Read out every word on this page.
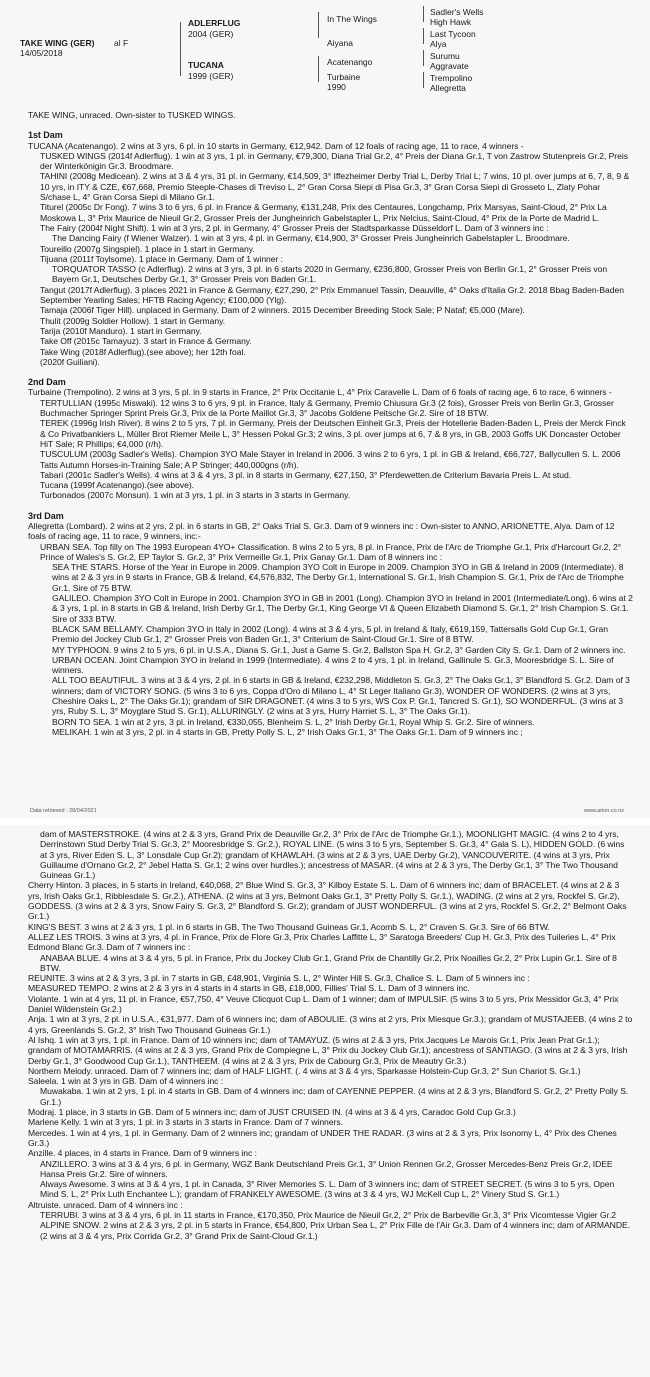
TAKE WING (GER) al F
14/05/2018
ADLERFLUG
2004 (GER)
TUCANA
1999 (GER)
In The Wings
Aiyana
Acatenango
Turbaine
1990
Sadler's Wells
High Hawk
Last Tycoon
Alya
Surumu
Aggravate
Trempolino
Allegretta

TAKE WING, unraced. Own-sister to TUSKED WINGS.

1st Dam

TUCANA (Acatenango). 2 wins at 3 yrs, 6 pl. in 10 starts in Germany, €12,942. Dam of 12 foals of racing age, 11 to race, 4 winners -

TUSKED WINGS (2014f Adlerflug). 1 win at 3 yrs, 1 pl. in Germany, €79,300, Diana Trial Gr.2, 4° Preis der Diana Gr.1, T von Zastrow Stutenpreis Gr.2, Preis der Winterkönigin Gr.3. Broodmare.

TAHINI (2008g Medicean). 2 wins at 3 & 4 yrs, 31 pl. in Germany, €14,509, 3° Iffezheimer Derby Trial L, Derby Trial L; 7 wins, 10 pl. over jumps at 6, 7, 8, 9 & 10 yrs, in ITY & CZE, €67,668, Premio Steeple-Chases di Treviso L, 2° Gran Corsa Siepi di Pisa Gr.3, 3° Gran Corsa Siepi di Grosseto L, Zlaty Pohar S/chase L, 4° Gran Corsa Siepi di Milano Gr.1.

Titurel (2005c Dr Fong). 7 wins 3 to 6 yrs, 6 pl. in France & Germany, €131,248, Prix des Centaures, Longchamp, Prix Marsyas, Saint-Cloud, 2° Prix La Moskowa L, 3° Prix Maurice de Nieuil Gr.2, Grosser Preis der Jungheinrich Gabelstapler L, Prix Nelcius, Saint-Cloud, 4° Prix de la Porte de Madrid L.

The Fairy (2004f Night Shift). 1 win at 3 yrs, 2 pl. in Germany, 4° Grosser Preis der Stadtsparkasse Düsseldorf L. Dam of 3 winners inc :

The Dancing Fairy (f Wiener Walzer). 1 win at 3 yrs, 4 pl. in Germany, €14,900, 3° Grosser Preis Jungheinrich Gabelstapler L. Broodmare.

Toureillo (2007g Singspiel). 1 place in 1 start in Germany.

Tijuana (2011f Toylsome). 1 place in Germany. Dam of 1 winner :

TORQUATOR TASSO (c Adlerflug). 2 wins at 3 yrs, 3 pl. in 6 starts 2020 in Germany, €236,800, Grosser Preis von Berlin Gr.1, 2° Grosser Preis von Bayern Gr.1, Deutsches Derby Gr.1, 3° Grosser Preis von Baden Gr.1.

Tangut (2017f Adlerflug). 3 places 2021 in France & Germany, €27,290, 2° Prix Emmanuel Tassin, Deauville, 4° Oaks d'Italia Gr.2. 2018 Bbag Baden-Baden September Yearling Sales; HFTB Racing Agency; €100,000 (Ylg).

Tamaja (2006f Tiger Hill). unplaced in Germany. Dam of 2 winners. 2015 December Breeding Stock Sale; P Nataf; €5,000 (Mare).

Thulit (2009g Soldier Hollow). 1 start in Germany.

Tarija (2010f Manduro). 1 start in Germany.

Take Off (2015c Tamayuz). 3 start in France & Germany.

Take Wing (2018f Adlerflug).(see above); her 12th foal.

(2020f Guiliani).

2nd Dam

Turbaine (Trempolino). 2 wins at 3 yrs, 5 pl. in 9 starts in France, 2° Prix Occitanie L, 4° Prix Caravelle L. Dam of 6 foals of racing age, 6 to race, 6 winners -

TERTULLIAN (1995c Miswaki). 12 wins 3 to 6 yrs, 9 pl. in France, Italy & Germany, Premio Chiusura Gr.3 (2 fois), Grosser Preis von Berlin Gr.3, Grosser Buchmacher Springer Sprint Preis Gr.3, Prix de la Porte Maillot Gr.3, 3° Jacobs Goldene Peitsche Gr.2. Sire of 18 BTW.

TEREK (1996g Irish River). 8 wins 2 to 5 yrs, 7 pl. in Germany, Preis der Deutschen Einheit Gr.3, Preis der Hotellerie Baden-Baden L, Preis der Merck Finck & Co Privatbankiers L, Müller Brot Riemer Meile L, 3° Hessen Pokal Gr.3; 2 wins, 3 pl. over jumps at 6, 7 & 8 yrs, in GB, 2003 Goffs UK Doncaster October HiT Sale; R Phillips; €4,000 (r/h).

TUSCULUM (2003g Sadler's Wells). Champion 3YO Male Stayer in Ireland in 2006. 3 wins 2 to 6 yrs, 1 pl. in GB & Ireland, €66,727, Ballycullen S. L. 2006 Tatts Autumn Horses-in-Training Sale; A P Stringer; 440,000gns (r/h).

Tabari (2001c Sadler's Wells). 4 wins at 3 & 4 yrs, 3 pl. in 8 starts in Germany, €27,150, 3° Pferdewetten.de Criterium Bavaria Preis L. At stud.

Tucana (1999f Acatenango).(see above).

Turbonados (2007c Monsun). 1 win at 3 yrs, 1 pl. in 3 starts in 3 starts in Germany.

3rd Dam

Allegretta (Lombard). 2 wins at 2 yrs, 2 pl. in 6 starts in GB, 2° Oaks Trial S. Gr.3. Dam of 9 winners inc : Own-sister to ANNO, ARIONETTE, Alya. Dam of 12 foals of racing age, 11 to race, 9 winners, inc:-

URBAN SEA. Top filly on The 1993 European 4YO+ Classification. 8 wins 2 to 5 yrs, 8 pl. in France, Prix de l'Arc de Triomphe Gr.1, Prix d'Harcourt Gr.2, 2° Prince of Wales's S. Gr.2, EP Taylor S. Gr.2, 3° Prix Vermeille Gr.1, Prix Ganay Gr.1. Dam of 8 winners inc :

SEA THE STARS. Horse of the Year in Europe in 2009. Champion 3YO Colt in Europe in 2009. Champion 3YO in GB & Ireland in 2009 (Intermediate). 8 wins at 2 & 3 yrs in 9 starts in France, GB & Ireland, €4,576,832, The Derby Gr.1, International S. Gr.1, Irish Champion S. Gr.1, Prix de l'Arc de Triomphe Gr.1. Sire of 75 BTW.

GALILEO. Champion 3YO Colt in Europe in 2001. Champion 3YO in GB in 2001 (Long). Champion 3YO in Ireland in 2001 (Intermediate/Long). 6 wins at 2 & 3 yrs, 1 pl. in 8 starts in GB & Ireland, Irish Derby Gr.1, The Derby Gr.1, King George VI & Queen Elizabeth Diamond S. Gr.1, 2° Irish Champion S. Gr.1. Sire of 333 BTW.

BLACK SAM BELLAMY. Champion 3YO in Italy in 2002 (Long). 4 wins at 3 & 4 yrs, 5 pl. in Ireland & Italy, €619,159, Tattersalls Gold Cup Gr.1, Gran Premio del Jockey Club Gr.1, 2° Grosser Preis von Baden Gr.1, 3° Criterium de Saint-Cloud Gr.1. Sire of 8 BTW.

MY TYPHOON. 9 wins 2 to 5 yrs, 6 pl. in U.S.A., Diana S. Gr.1, Just a Game S. Gr.2, Ballston Spa H. Gr.2, 3° Garden City S. Gr.1. Dam of 2 winners inc.

URBAN OCEAN. Joint Champion 3YO in Ireland in 1999 (Intermediate). 4 wins 2 to 4 yrs, 1 pl. in Ireland, Gallinule S. Gr.3, Mooresbridge S. L. Sire of winners.

ALL TOO BEAUTIFUL. 3 wins at 3 & 4 yrs, 2 pl. in 6 starts in GB & Ireland, €232,298, Middleton S. Gr.3, 2° The Oaks Gr.1, 3° Blandford S. Gr.2. Dam of 3 winners; dam of VICTORY SONG. (5 wins 3 to 6 yrs, Coppa d'Oro di Milano L, 4° St Leger Italiano Gr.3), WONDER OF WONDERS. (2 wins at 3 yrs, Cheshire Oaks L, 2° The Oaks Gr.1); grandam of SIR DRAGONET. (4 wins 3 to 5 yrs, WS Cox P. Gr.1, Tancred S. Gr.1), SO WONDERFUL. (3 wins at 3 yrs, Ruby S. L, 3° Moyglare Stud S. Gr.1), ALLURINGLY. (2 wins at 3 yrs, Hurry Harriet S. L, 3° The Oaks Gr.1).

BORN TO SEA. 1 win at 2 yrs, 3 pl. in Ireland, €330,055, Blenheim S. L, 2° Irish Derby Gr.1, Royal Whip S. Gr.2. Sire of winners.

MELIKAH. 1 win at 3 yrs, 2 pl. in 4 starts in GB, Pretty Polly S. L, 2° Irish Oaks Gr.1, 3° The Oaks Gr.1. Dam of 9 winners inc ;

Data retrieved : 28/04/2021	www.arion.co.nz

dam of MASTERSTROKE. (4 wins at 2 & 3 yrs, Grand Prix de Deauville Gr.2, 3° Prix de l'Arc de Triomphe Gr.1.), MOONLIGHT MAGIC. (4 wins 2 to 4 yrs, Derrinstown Stud Derby Trial S. Gr.3, 2° Mooresbridge S. Gr.2.), ROYAL LINE. (5 wins 3 to 5 yrs, September S. Gr.3, 4° Gala S. L), HIDDEN GOLD. (6 wins at 3 yrs, River Eden S. L, 3° Lonsdale Cup Gr.2); grandam of KHAWLAH. (3 wins at 2 & 3 yrs, UAE Derby Gr.2), VANCOUVERITE. (4 wins at 3 yrs, Prix Guillaume d'Ornano Gr.2, 2° Jebel Hatta S. Gr.1; 2 wins over hurdles.); ancestress of MASAR. (4 wins at 2 & 3 yrs, The Derby Gr.1, 3° The Two Thousand Guineas Gr.1.)

Cherry Hinton. 3 places, in 5 starts in Ireland, €40,068, 2° Blue Wind S. Gr.3, 3° Kilboy Estate S. L. Dam of 6 winners inc; dam of BRACELET. (4 wins at 2 & 3 yrs, Irish Oaks Gr.1, Ribblesdale S. Gr.2.), ATHENA. (2 wins at 3 yrs, Belmont Oaks Gr.1, 3° Pretty Polly S. Gr.1.), WADING. (2 wins at 2 yrs, Rockfel S. Gr.2), GODDESS. (3 wins at 2 & 3 yrs, Snow Fairy S. Gr.3, 2° Blandford S. Gr.2); grandam of JUST WONDERFUL. (3 wins at 2 yrs, Rockfel S. Gr.2, 2° Belmont Oaks Gr.1.)

KING'S BEST. 3 wins at 2 & 3 yrs, 1 pl. in 6 starts in GB, The Two Thousand Guineas Gr.1, Acomb S. L, 2° Craven S. Gr.3. Sire of 66 BTW.

ALLEZ LES TROIS. 3 wins at 3 yrs, 4 pl. in France, Prix de Flore Gr.3, Prix Charles Laffitte L, 3° Saratoga Breeders' Cup H. Gr.3, Prix des Tuileries L, 4° Prix Edmond Blanc Gr.3. Dam of 7 winners inc :

ANABAA BLUE. 4 wins at 3 & 4 yrs, 5 pl. in France, Prix du Jockey Club Gr.1, Grand Prix de Chantilly Gr.2, Prix Noailles Gr.2, 2° Prix Lupin Gr.1. Sire of 8 BTW.

REUNITE. 3 wins at 2 & 3 yrs, 3 pl. in 7 starts in GB, £48,901, Virginia S. L, 2° Winter Hill S. Gr.3, Chalice S. L. Dam of 5 winners inc :

MEASURED TEMPO. 2 wins at 2 & 3 yrs in 4 starts in 4 starts in GB, £18,000, Fillies' Trial S. L. Dam of 3 winners inc.

Violante. 1 win at 4 yrs, 11 pl. in France, €57,750, 4° Veuve Clicquot Cup L. Dam of 1 winner; dam of IMPULSIF. (5 wins 3 to 5 yrs, Prix Messidor Gr.3, 4° Prix Daniel Wildenstein Gr.2.)

Anja. 1 win at 3 yrs, 2 pl. in U.S.A., €31,977. Dam of 6 winners inc; dam of ABOULIE. (3 wins at 2 yrs, Prix Miesque Gr.3.); grandam of MUSTAJEEB. (4 wins 2 to 4 yrs, Greenlands S. Gr.2, 3° Irish Two Thousand Guineas Gr.1.)

Al Ishq. 1 win at 3 yrs, 1 pl. in France. Dam of 10 winners inc; dam of TAMAYUZ. (5 wins at 2 & 3 yrs, Prix Jacques Le Marois Gr.1, Prix Jean Prat Gr.1.); grandam of MOTAMARRIS. (4 wins at 2 & 3 yrs, Grand Prix de Compiegne L, 3° Prix du Jockey Club Gr.1); ancestress of SANTIAGO. (3 wins at 2 & 3 yrs, Irish Derby Gr.1, 3° Goodwood Cup Gr.1.), TANTHEEM. (4 wins at 2 & 3 yrs, Prix de Cabourg Gr.3, Prix de Meautry Gr.3.)

Northern Melody. unraced. Dam of 7 winners inc; dam of HALF LIGHT. (. 4 wins at 3 & 4 yrs, Sparkasse Holstein-Cup Gr.3, 2° Sun Chariot S. Gr.1.)

Saleela. 1 win at 3 yrs in GB. Dam of 4 winners inc :

Muwakaba. 1 win at 2 yrs, 1 pl. in 4 starts in GB. Dam of 4 winners inc; dam of CAYENNE PEPPER. (4 wins at 2 & 3 yrs, Blandford S. Gr.2, 2° Pretty Polly S. Gr.1.)

Modraj. 1 place, in 3 starts in GB. Dam of 5 winners inc; dam of JUST CRUISED IN. (4 wins at 3 & 4 yrs, Caradoc Gold Cup Gr.3.)

Marlene Kelly. 1 win at 3 yrs, 1 pl. in 3 starts in 3 starts in France. Dam of 7 winners.

Mercedes. 1 win at 4 yrs, 1 pl. in Germany. Dam of 2 winners inc; grandam of UNDER THE RADAR. (3 wins at 2 & 3 yrs, Prix Isonomy L, 4° Prix des Chenes Gr.3.)

Anzille. 4 places, in 4 starts in France. Dam of 9 winners inc :

ANZILLERO. 3 wins at 3 & 4 yrs, 6 pl. in Germany, WGZ Bank Deutschland Preis Gr.1, 3° Union Rennen Gr.2, Grosser Mercedes-Benz Preis Gr.2, IDEE Hansa Preis Gr.2. Sire of winners.

Always Awesome. 3 wins at 3 & 4 yrs, 1 pl. in Canada, 3° River Memories S. L. Dam of 3 winners inc; dam of STREET SECRET. (5 wins 3 to 5 yrs, Open Mind S. L, 2° Prix Luth Enchantee L.); grandam of FRANKELY AWESOME. (3 wins at 3 & 4 yrs, WJ McKell Cup L, 2° Vinery Stud S. Gr.1.)

Altruiste. unraced. Dam of 4 winners inc :

TERRUBI. 3 wins at 3 & 4 yrs, 6 pl. in 11 starts in France, €170,350, Prix Maurice de Nieuil Gr.2, 2° Prix de Barbeville Gr.3, 3° Prix Vicomtesse Vigier Gr.2

ALPINE SNOW. 2 wins at 2 & 3 yrs, 2 pl. in 5 starts in France, €54,800, Prix Urban Sea L, 2° Prix Fille de l'Air Gr.3. Dam of 4 winners inc; dam of ARMANDE. (2 wins at 3 & 4 yrs, Prix Corrida Gr.2, 3° Grand Prix de Saint-Cloud Gr.1.)
